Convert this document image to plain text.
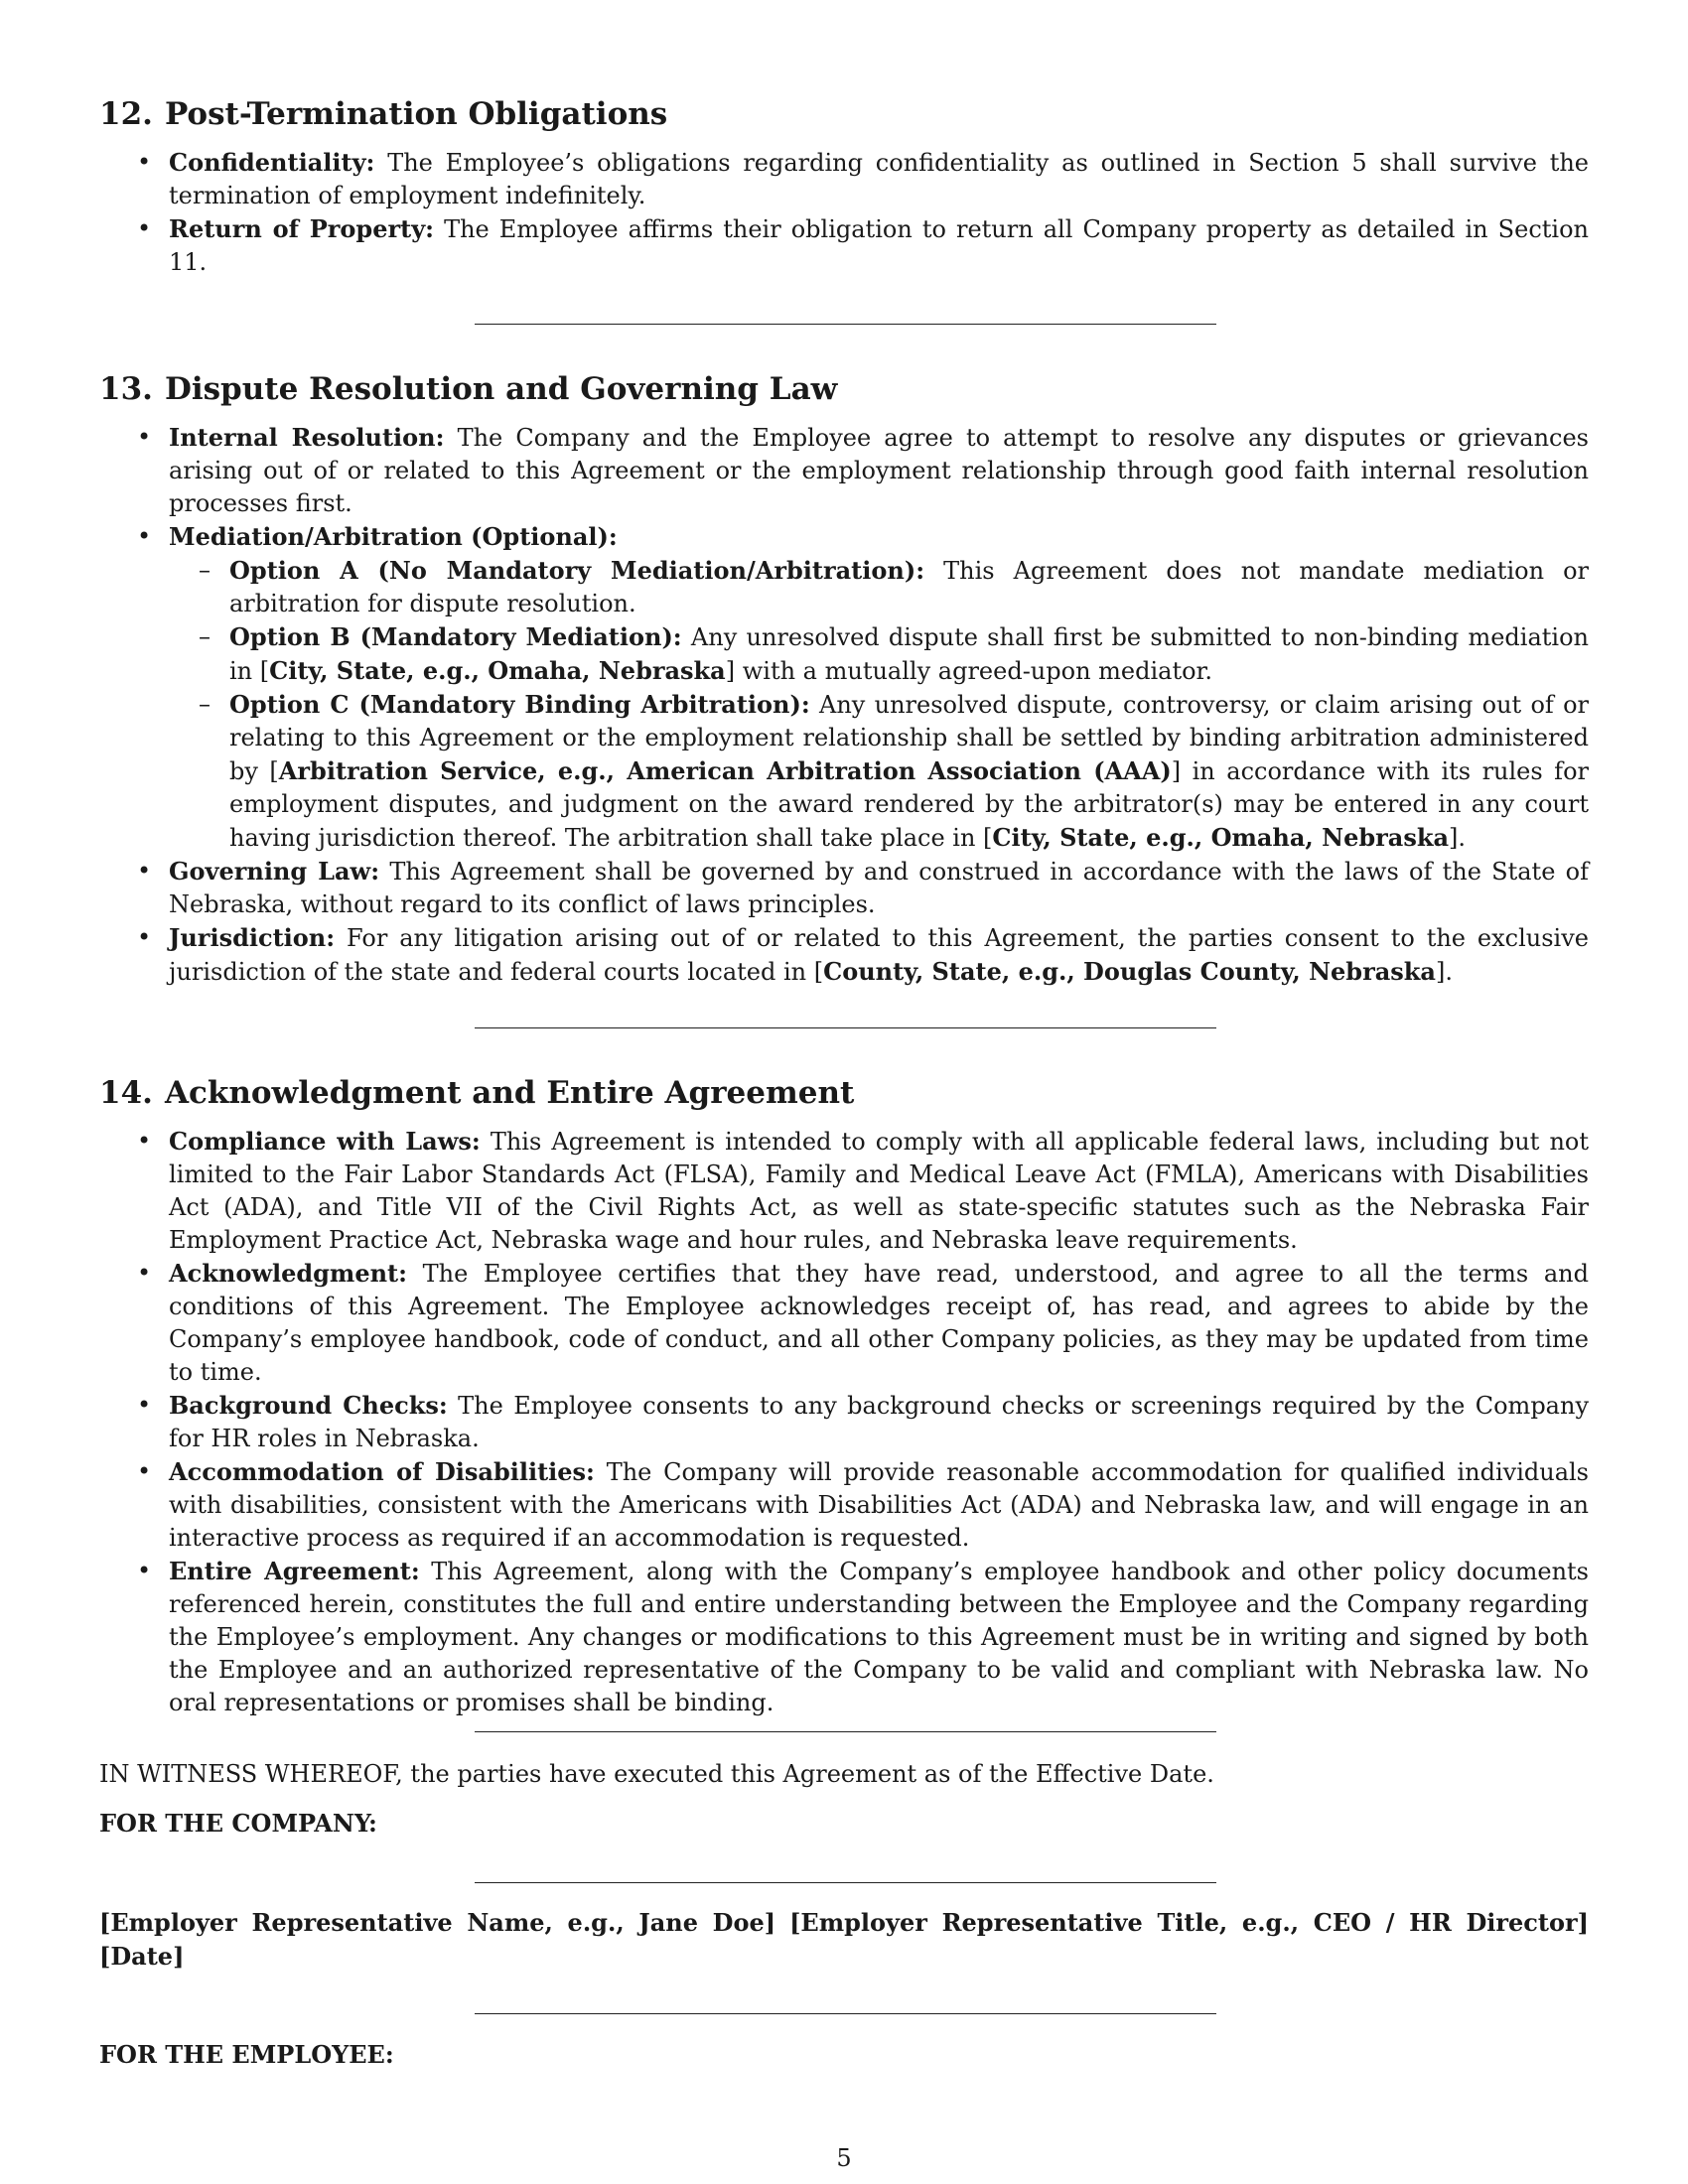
12. Post-Termination Obligations
• Confidentiality: The Employee’s obligations regarding confidentiality as outlined in Section 5 shall survive the termination of employment indefinitely.
• Return of Property: The Employee affirms their obligation to return all Company property as detailed in Section 11.
13. Dispute Resolution and Governing Law
• Internal Resolution: The Company and the Employee agree to attempt to resolve any disputes or grievances arising out of or related to this Agreement or the employment relationship through good faith internal resolution processes first.
• Mediation/Arbitration (Optional):
– Option A (No Mandatory Mediation/Arbitration): This Agreement does not mandate mediation or arbitration for dispute resolution.
– Option B (Mandatory Mediation): Any unresolved dispute shall first be submitted to non-binding mediation in [City, State, e.g., Omaha, Nebraska] with a mutually agreed-upon mediator.
– Option C (Mandatory Binding Arbitration): Any unresolved dispute, controversy, or claim arising out of or relating to this Agreement or the employment relationship shall be settled by binding arbitration administered by [Arbitration Service, e.g., American Arbitration Association (AAA)] in accordance with its rules for employment disputes, and judgment on the award rendered by the arbitrator(s) may be entered in any court having jurisdiction thereof. The arbitration shall take place in [City, State, e.g., Omaha, Nebraska].
• Governing Law: This Agreement shall be governed by and construed in accordance with the laws of the State of Nebraska, without regard to its conflict of laws principles.
• Jurisdiction: For any litigation arising out of or related to this Agreement, the parties consent to the exclusive jurisdiction of the state and federal courts located in [County, State, e.g., Douglas County, Nebraska].
14. Acknowledgment and Entire Agreement
• Compliance with Laws: This Agreement is intended to comply with all applicable federal laws, including but not limited to the Fair Labor Standards Act (FLSA), Family and Medical Leave Act (FMLA), Americans with Disabilities Act (ADA), and Title VII of the Civil Rights Act, as well as state-specific statutes such as the Nebraska Fair Employment Practice Act, Nebraska wage and hour rules, and Nebraska leave requirements.
• Acknowledgment: The Employee certifies that they have read, understood, and agree to all the terms and conditions of this Agreement. The Employee acknowledges receipt of, has read, and agrees to abide by the Company’s employee handbook, code of conduct, and all other Company policies, as they may be updated from time to time.
• Background Checks: The Employee consents to any background checks or screenings required by the Company for HR roles in Nebraska.
• Accommodation of Disabilities: The Company will provide reasonable accommodation for qualified individuals with disabilities, consistent with the Americans with Disabilities Act (ADA) and Nebraska law, and will engage in an interactive process as required if an accommodation is requested.
• Entire Agreement: This Agreement, along with the Company’s employee handbook and other policy documents referenced herein, constitutes the full and entire understanding between the Employee and the Company regarding the Employee’s employment. Any changes or modifications to this Agreement must be in writing and signed by both the Employee and an authorized representative of the Company to be valid and compliant with Nebraska law. No oral representations or promises shall be binding.
IN WITNESS WHEREOF, the parties have executed this Agreement as of the Effective Date.
FOR THE COMPANY:
[Employer Representative Name, e.g., Jane Doe] [Employer Representative Title, e.g., CEO / HR Director] [Date]
FOR THE EMPLOYEE:
5
